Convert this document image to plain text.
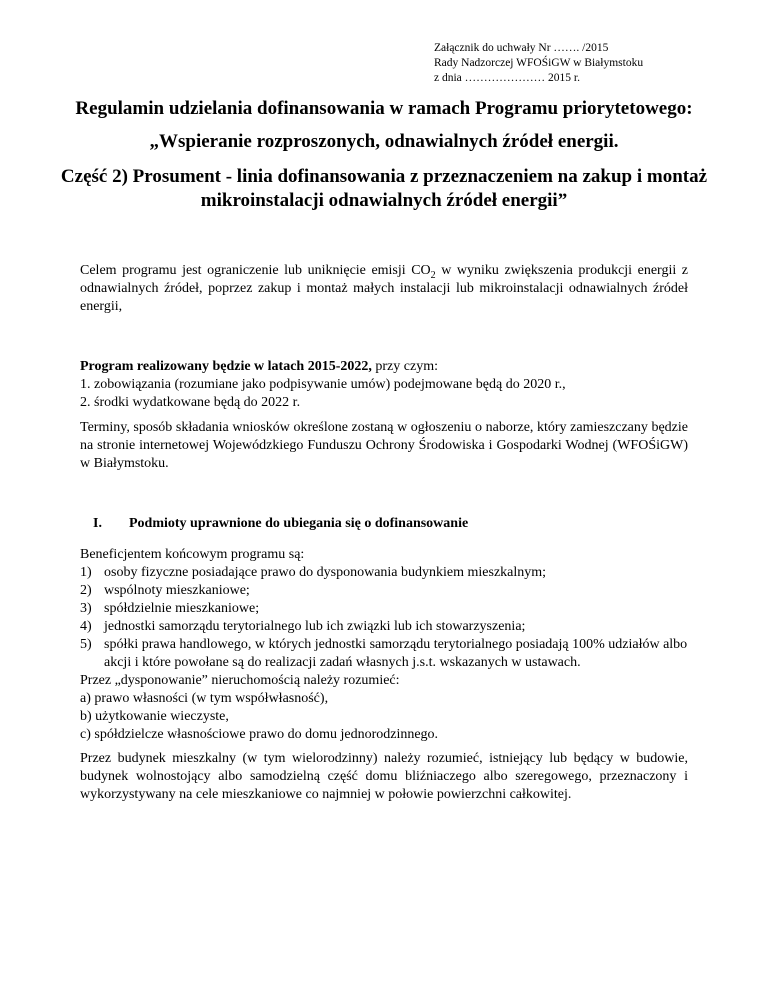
Załącznik do uchwały Nr ……. /2015
Rady Nadzorczej WFOŚiGW w Białymstoku
z dnia ………………… 2015 r.
Regulamin udzielania dofinansowania w ramach Programu priorytetowego:
„Wspieranie rozproszonych, odnawialnych źródeł energii.
Część 2) Prosument - linia dofinansowania z przeznaczeniem na zakup i montaż mikroinstalacji odnawialnych źródeł energii”
Celem programu jest ograniczenie lub uniknięcie emisji $CO_2$ w wyniku zwiększenia produkcji energii z odnawialnych źródeł, poprzez zakup i montaż małych instalacji lub mikroinstalacji odnawialnych źródeł energii,
Program realizowany będzie w latach 2015-2022, przy czym:
1. zobowiązania (rozumiane jako podpisywanie umów) podejmowane będą do 2020 r.,
2. środki wydatkowane będą do 2022 r.
Terminy, sposób składania wniosków określone zostaną w ogłoszeniu o naborze, który zamieszczany będzie na stronie internetowej Wojewódzkiego Funduszu Ochrony Środowiska i Gospodarki Wodnej (WFOŚiGW) w Białymstoku.
I. Podmioty uprawnione do ubiegania się o dofinansowanie
Beneficjentem końcowym programu są:
1) osoby fizyczne posiadające prawo do dysponowania budynkiem mieszkalnym;
2) wspólnoty mieszkaniowe;
3) spółdzielnie mieszkaniowe;
4) jednostki samorządu terytorialnego lub ich związki lub ich stowarzyszenia;
5) spółki prawa handlowego, w których jednostki samorządu terytorialnego posiadają 100% udziałów albo akcji i które powołane są do realizacji zadań własnych j.s.t. wskazanych w ustawach.
Przez „dysponowanie” nieruchomością należy rozumieć:
a) prawo własności (w tym współwłasność),
b) użytkowanie wieczyste,
c) spółdzielcze własnościowe prawo do domu jednorodzinnego.
Przez budynek mieszkalny (w tym wielorodzinny) należy rozumieć, istniejący lub będący w budowie, budynek wolnostojący albo samodzielną część domu bliźniaczego albo szeregowego, przeznaczony i wykorzystywany na cele mieszkaniowe co najmniej w połowie powierzchni całkowitej.
